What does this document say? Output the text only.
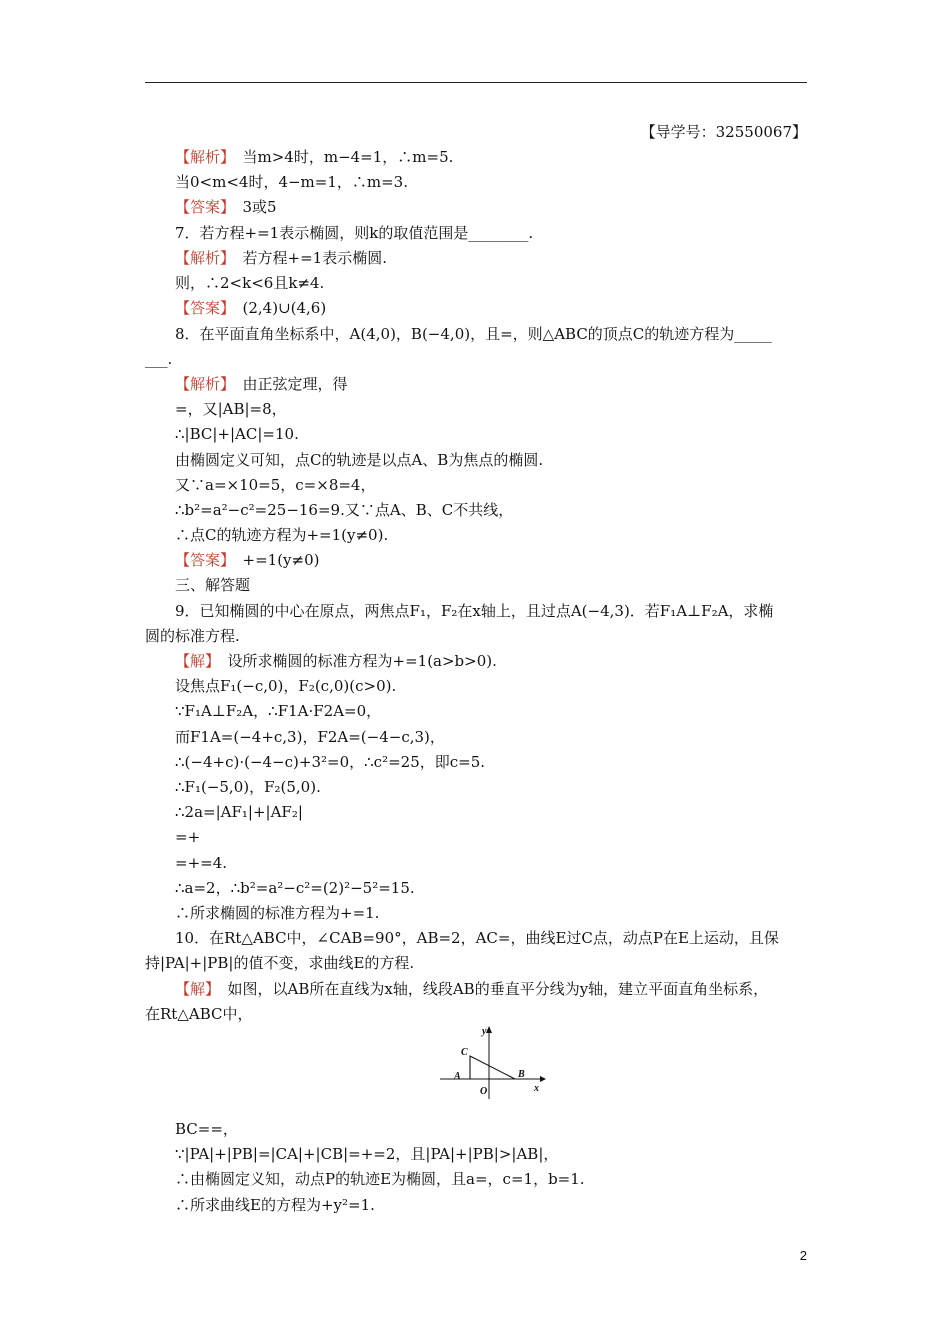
【导学号：32550067】
【解析】　当m>4时，m−4=1，∴m=5.
当0<m<4时，4−m=1，∴m=3.
【答案】　3或5
7．若方程+=1表示椭圆，则k的取值范围是________.
【解析】　若方程+=1表示椭圆.
则，∴2<k<6且k≠4.
【答案】　(2,4)∪(4,6)
8．在平面直角坐标系中，A(4,0)，B(−4,0)，且=，则△ABC的顶点C的轨迹方程为_____
___.
【解析】　由正弦定理，得
=，又|AB|=8，
∴|BC|+|AC|=10.
由椭圆定义可知，点C的轨迹是以点A、B为焦点的椭圆.
又∵a=×10=5，c=×8=4，
∴b²=a²−c²=25−16=9.又∵点A、B、C不共线，
∴点C的轨迹方程为+=1(y≠0).
【答案】　+=1(y≠0)
三、解答题
9．已知椭圆的中心在原点，两焦点F₁，F₂在x轴上，且过点A(−4,3)．若F₁A⊥F₂A，求椭
圆的标准方程.
【解】　设所求椭圆的标准方程为+=1(a>b>0).
设焦点F₁(−c,0)，F₂(c,0)(c>0).
∵F₁A⊥F₂A，∴F1A·F2A=0，
而F1A=(−4+c,3)，F2A=(−4−c,3)，
∴(−4+c)·(−4−c)+3²=0，∴c²=25，即c=5.
∴F₁(−5,0)，F₂(5,0).
∴2a=|AF₁|+|AF₂|
=+
=+=4.
∴a=2，∴b²=a²−c²=(2)²−5²=15.
∴所求椭圆的标准方程为+=1.
10．在Rt△ABC中，∠CAB=90°，AB=2，AC=，曲线E过C点，动点P在E上运动，且保
持|PA|+|PB|的值不变，求曲线E的方程.
【解】　如图，以AB所在直线为x轴，线段AB的垂直平分线为y轴，建立平面直角坐标系，
在Rt△ABC中，
y
C
A	B
O	x
BC==，
∵|PA|+|PB|=|CA|+|CB|=+=2，且|PA|+|PB|>|AB|，
∴由椭圆定义知，动点P的轨迹E为椭圆，且a=，c=1，b=1.
∴所求曲线E的方程为+y²=1.
2
